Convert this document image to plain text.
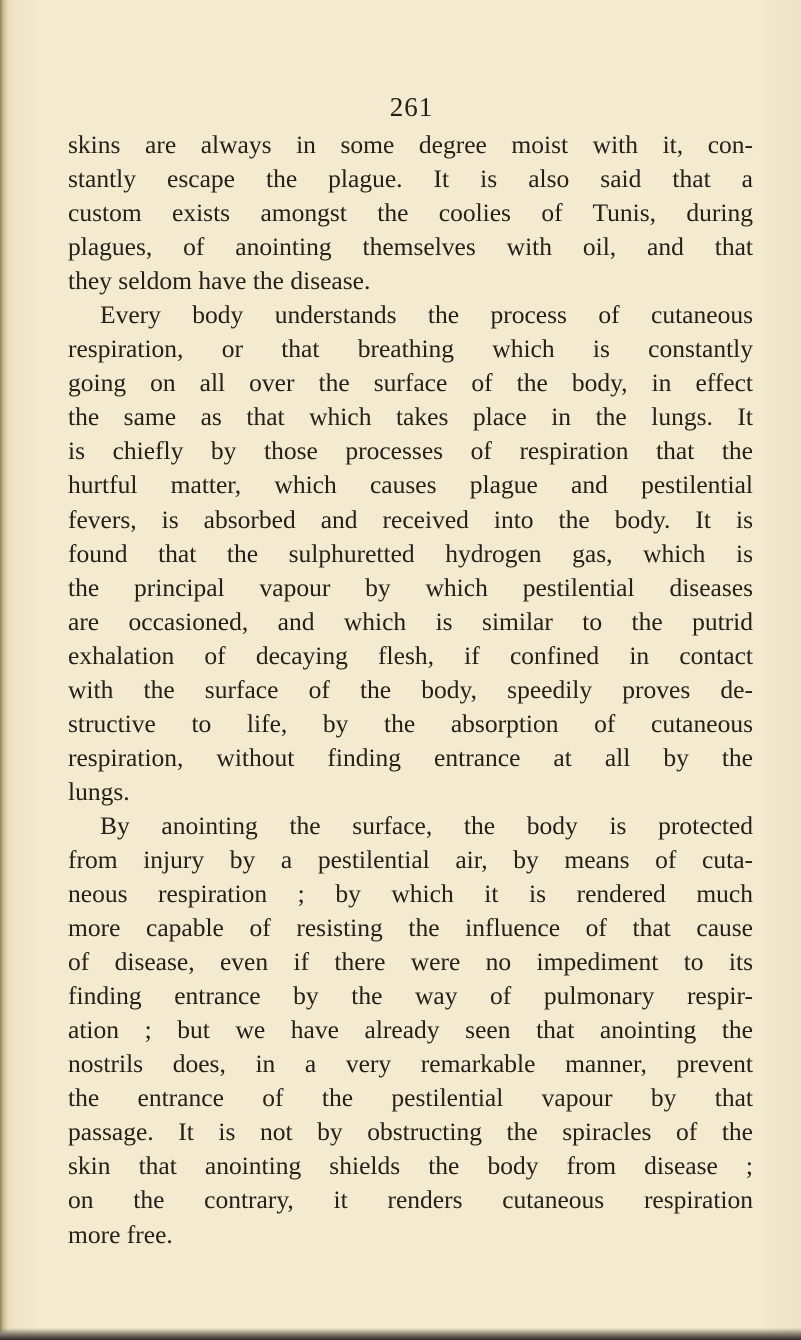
261
skins are always in some degree moist with it, con-
stantly escape the plague. It is also said that a
custom exists amongst the coolies of Tunis, during
plagues, of anointing themselves with oil, and that
they seldom have the disease.
Every body understands the process of cutaneous
respiration, or that breathing which is constantly
going on all over the surface of the body, in effect
the same as that which takes place in the lungs. It
is chiefly by those processes of respiration that the
hurtful matter, which causes plague and pestilential
fevers, is absorbed and received into the body. It is
found that the sulphuretted hydrogen gas, which is
the principal vapour by which pestilential diseases
are occasioned, and which is similar to the putrid
exhalation of decaying flesh, if confined in contact
with the surface of the body, speedily proves de-
structive to life, by the absorption of cutaneous
respiration, without finding entrance at all by the
lungs.
By anointing the surface, the body is protected
from injury by a pestilential air, by means of cuta-
neous respiration ; by which it is rendered much
more capable of resisting the influence of that cause
of disease, even if there were no impediment to its
finding entrance by the way of pulmonary respir-
ation ; but we have already seen that anointing the
nostrils does, in a very remarkable manner, prevent
the entrance of the pestilential vapour by that
passage. It is not by obstructing the spiracles of the
skin that anointing shields the body from disease ;
on the contrary, it renders cutaneous respiration
more free.
